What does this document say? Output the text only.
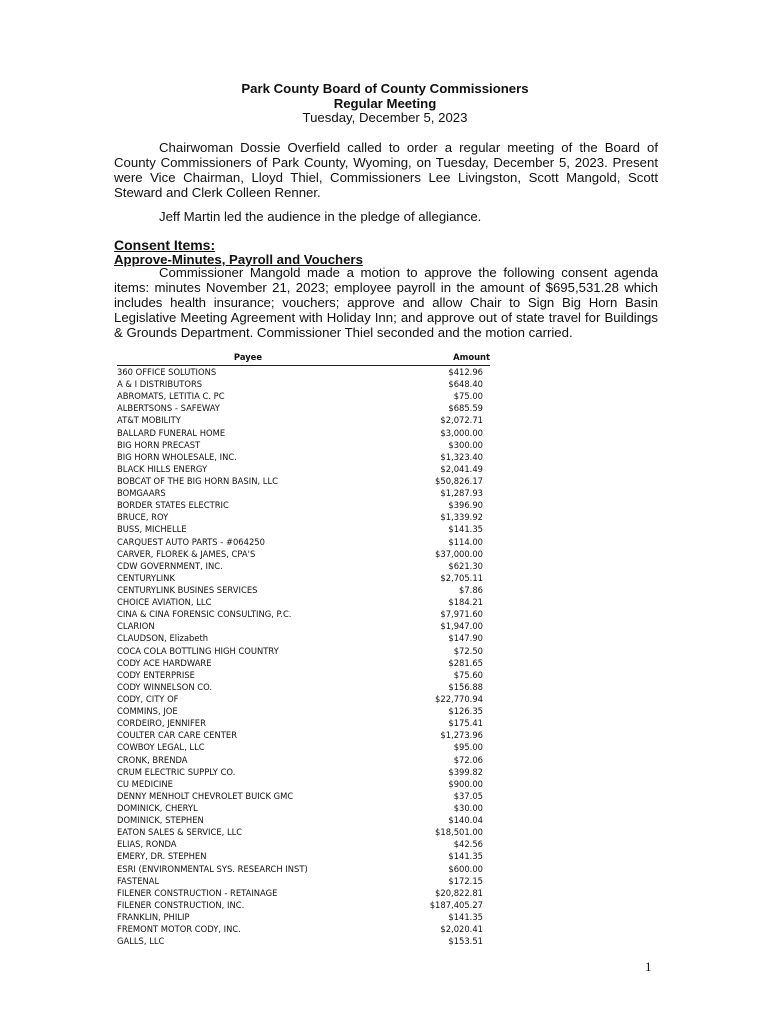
Park County Board of County Commissioners
Regular Meeting
Tuesday, December 5, 2023
Chairwoman Dossie Overfield called to order a regular meeting of the Board of County Commissioners of Park County, Wyoming, on Tuesday, December 5, 2023. Present were Vice Chairman, Lloyd Thiel, Commissioners Lee Livingston, Scott Mangold, Scott Steward and Clerk Colleen Renner.
Jeff Martin led the audience in the pledge of allegiance.
Consent Items:
Approve-Minutes, Payroll and Vouchers
Commissioner Mangold made a motion to approve the following consent agenda items: minutes November 21, 2023; employee payroll in the amount of $695,531.28 which includes health insurance; vouchers; approve and allow Chair to Sign Big Horn Basin Legislative Meeting Agreement with Holiday Inn; and approve out of state travel for Buildings & Grounds Department. Commissioner Thiel seconded and the motion carried.
Payee	Amount
360 OFFICE SOLUTIONS	$412.96
A & I DISTRIBUTORS	$648.40
ABROMATS, LETITIA C. PC	$75.00
ALBERTSONS - SAFEWAY	$685.59
AT&T MOBILITY	$2,072.71
BALLARD FUNERAL HOME	$3,000.00
BIG HORN PRECAST	$300.00
BIG HORN WHOLESALE, INC.	$1,323.40
BLACK HILLS ENERGY	$2,041.49
BOBCAT OF THE BIG HORN BASIN, LLC	$50,826.17
BOMGAARS	$1,287.93
BORDER STATES ELECTRIC	$396.90
BRUCE, ROY	$1,339.92
BUSS, MICHELLE	$141.35
CARQUEST AUTO PARTS - #064250	$114.00
CARVER, FLOREK & JAMES, CPA'S	$37,000.00
CDW GOVERNMENT, INC.	$621.30
CENTURYLINK	$2,705.11
CENTURYLINK BUSINES SERVICES	$7.86
CHOICE AVIATION, LLC	$184.21
CINA & CINA FORENSIC CONSULTING, P.C.	$7,971.60
CLARION	$1,947.00
CLAUDSON, Elizabeth	$147.90
COCA COLA BOTTLING HIGH COUNTRY	$72.50
CODY ACE HARDWARE	$281.65
CODY ENTERPRISE	$75.60
CODY WINNELSON CO.	$156.88
CODY, CITY OF	$22,770.94
COMMINS, JOE	$126.35
CORDEIRO, JENNIFER	$175.41
COULTER CAR CARE CENTER	$1,273.96
COWBOY LEGAL, LLC	$95.00
CRONK, BRENDA	$72.06
CRUM ELECTRIC SUPPLY CO.	$399.82
CU MEDICINE	$900.00
DENNY MENHOLT CHEVROLET BUICK GMC	$37.05
DOMINICK, CHERYL	$30.00
DOMINICK, STEPHEN	$140.04
EATON SALES & SERVICE, LLC	$18,501.00
ELIAS, RONDA	$42.56
EMERY, DR. STEPHEN	$141.35
ESRI (ENVIRONMENTAL SYS. RESEARCH INST)	$600.00
FASTENAL	$172.15
FILENER CONSTRUCTION - RETAINAGE	$20,822.81
FILENER CONSTRUCTION, INC.	$187,405.27
FRANKLIN, PHILIP	$141.35
FREMONT MOTOR CODY, INC.	$2,020.41
GALLS, LLC	$153.51
1
